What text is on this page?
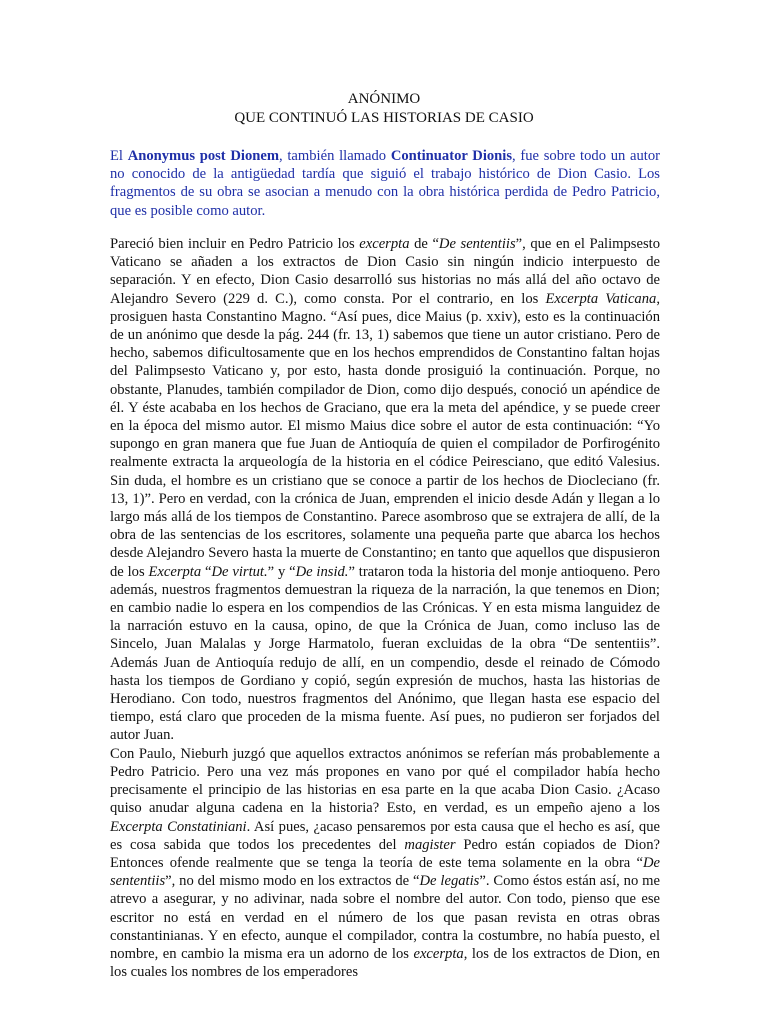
ANÓNIMO
QUE CONTINUÓ LAS HISTORIAS DE CASIO

El Anonymus post Dionem, también llamado Continuator Dionis, fue sobre todo un autor no conocido de la antigüedad tardía que siguió el trabajo histórico de Dion Casio. Los fragmentos de su obra se asocian a menudo con la obra histórica perdida de Pedro Patricio, que es posible como autor.

Pareció bien incluir en Pedro Patricio los excerpta de “De sententiis”, que en el Palimpsesto Vaticano se añaden a los extractos de Dion Casio sin ningún indicio interpuesto de separación. Y en efecto, Dion Casio desarrolló sus historias no más allá del año octavo de Alejandro Severo (229 d. C.), como consta. Por el contrario, en los Excerpta Vaticana, prosiguen hasta Constantino Magno. “Así pues, dice Maius (p. xxiv), esto es la continuación de un anónimo que desde la pág. 244 (fr. 13, 1) sabemos que tiene un autor cristiano. Pero de hecho, sabemos dificultosamente que en los hechos emprendidos de Constantino faltan hojas del Palimpsesto Vaticano y, por esto, hasta donde prosiguió la continuación. Porque, no obstante, Planudes, también compilador de Dion, como dijo después, conoció un apéndice de él. Y éste acababa en los hechos de Graciano, que era la meta del apéndice, y se puede creer en la época del mismo autor. El mismo Maius dice sobre el autor de esta continuación: “Yo supongo en gran manera que fue Juan de Antioquía de quien el compilador de Porfirogénito realmente extracta la arqueología de la historia en el códice Peiresciano, que editó Valesius. Sin duda, el hombre es un cristiano que se conoce a partir de los hechos de Diocleciano (fr. 13, 1)”. Pero en verdad, con la crónica de Juan, emprenden el inicio desde Adán y llegan a lo largo más allá de los tiempos de Constantino. Parece asombroso que se extrajera de allí, de la obra de las sentencias de los escritores, solamente una pequeña parte que abarca los hechos desde Alejandro Severo hasta la muerte de Constantino; en tanto que aquellos que dispusieron de los Excerpta “De virtut.” y “De insid.” trataron toda la historia del monje antioqueno. Pero además, nuestros fragmentos demuestran la riqueza de la narración, la que tenemos en Dion; en cambio nadie lo espera en los compendios de las Crónicas. Y en esta misma languidez de la narración estuvo en la causa, opino, de que la Crónica de Juan, como incluso las de Sincelo, Juan Malalas y Jorge Harmatolo, fueran excluidas de la obra “De sententiis”. Además Juan de Antioquía redujo de allí, en un compendio, desde el reinado de Cómodo hasta los tiempos de Gordiano y copió, según expresión de muchos, hasta las historias de Herodiano. Con todo, nuestros fragmentos del Anónimo, que llegan hasta ese espacio del tiempo, está claro que proceden de la misma fuente. Así pues, no pudieron ser forjados del autor Juan.

Con Paulo, Nieburh juzgó que aquellos extractos anónimos se referían más probablemente a Pedro Patricio. Pero una vez más propones en vano por qué el compilador había hecho precisamente el principio de las historias en esa parte en la que acaba Dion Casio. ¿Acaso quiso anudar alguna cadena en la historia? Esto, en verdad, es un empeño ajeno a los Excerpta Constatiniani. Así pues, ¿acaso pensaremos por esta causa que el hecho es así, que es cosa sabida que todos los precedentes del magister Pedro están copiados de Dion? Entonces ofende realmente que se tenga la teoría de este tema solamente en la obra “De sententiis”, no del mismo modo en los extractos de “De legatis”. Como éstos están así, no me atrevo a asegurar, y no adivinar, nada sobre el nombre del autor. Con todo, pienso que ese escritor no está en verdad en el número de los que pasan revista en otras obras constantinianas. Y en efecto, aunque el compilador, contra la costumbre, no había puesto, el nombre, en cambio la misma era un adorno de los excerpta, los de los extractos de Dion, en los cuales los nombres de los emperadores
